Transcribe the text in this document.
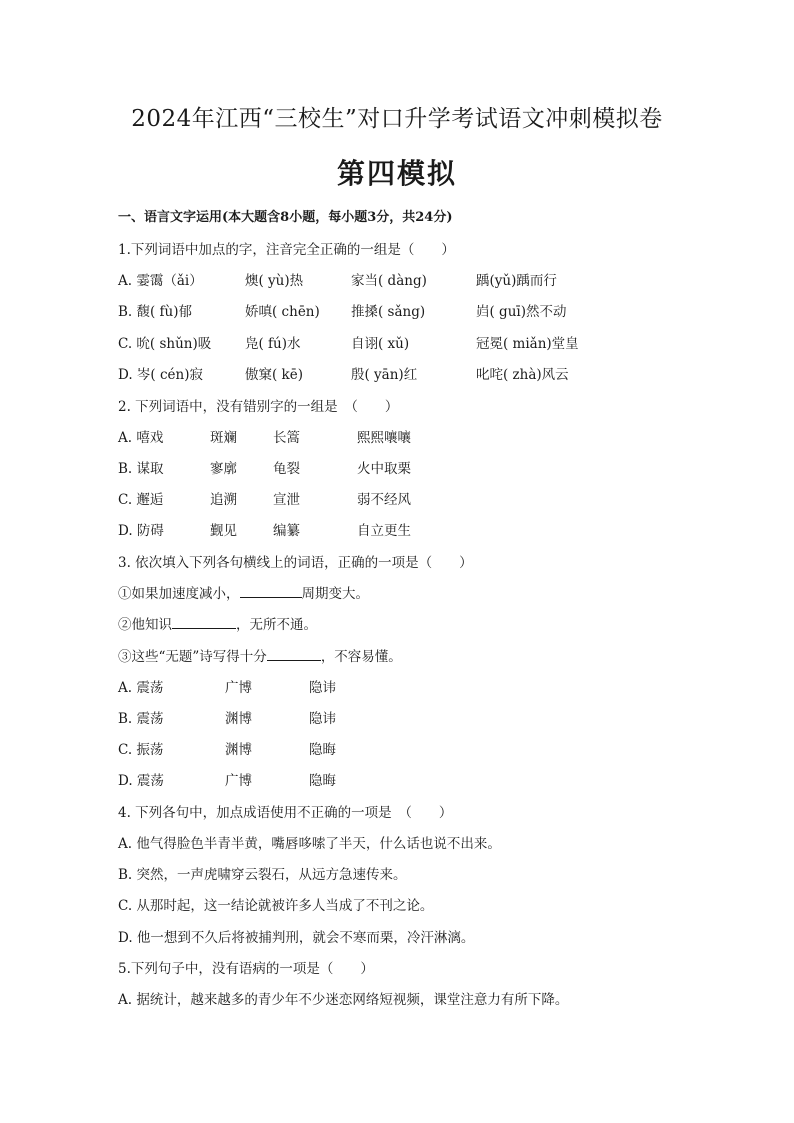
2024年江西“三校生”对口升学考试语文冲刺模拟卷
第四模拟
一、语言文字运用(本大题含8小题，每小题3分，共24分)
1.下列词语中加点的字，注音完全正确的一组是（　　）
A. 霎霭（ǎi）	燠( yù)热	家当( dàng)	踽(yǔ)踽而行
B. 馥( fù)郁	娇嗔( chēn) 推搡( sǎng)	岿( guī)然不动
C. 吮( shǔn)吸 凫( fú)水	自诩( xǔ)	冠冕( miǎn)堂皇
D. 岑( cén)寂	傲窠( kē)	殷( yān)红	叱咤( zhà)风云
2. 下列词语中，没有错别字的一组是　（　　）
A. 嘻戏	斑斓	长篙	熙熙嚷嚷
B. 谋取	寥廓	龟裂	火中取栗
C. 邂逅	追溯	宣泄	弱不经风
D. 防碍	觐见	编纂	自立更生
3. 依次填入下列各句横线上的词语，正确的一项是（　　）
①如果加速度减小，	周期变大。
②他知识	，无所不通。
③这些“无题”诗写得十分	，不容易懂。
A. 震荡	广博	隐讳
B. 震荡	渊博	隐讳
C. 振荡	渊博	隐晦
D. 震荡	广博	隐晦
4. 下列各句中，加点成语使用不正确的一项是　（　　）
A. 他气得脸色半青半黄，嘴唇哆嗦了半天，什么话也说不出来。
B. 突然，一声虎啸穿云裂石，从远方急速传来。
C. 从那时起，这一结论就被许多人当成了不刊之论。
D. 他一想到不久后将被捕判刑，就会不寒而栗，冷汗淋漓。
5.下列句子中，没有语病的一项是（　　）
A. 据统计，越来越多的青少年不少迷恋网络短视频，课堂注意力有所下降。
